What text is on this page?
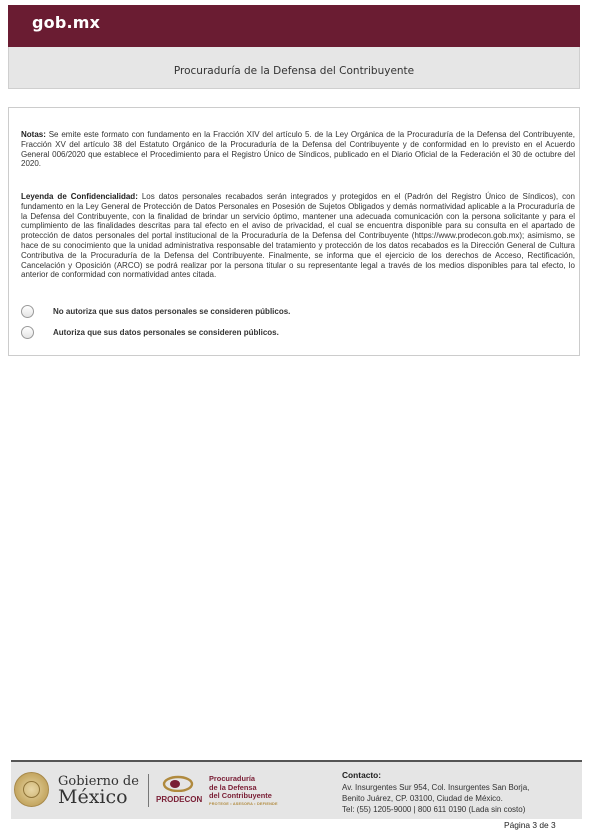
gob.mx
Procuraduría de la Defensa del Contribuyente
Notas: Se emite este formato con fundamento en la Fracción XIV del artículo 5. de la Ley Orgánica de la Procuraduría de la Defensa del Contribuyente, Fracción XV del artículo 38 del Estatuto Orgánico de la Procuraduría de la Defensa del Contribuyente y de conformidad en lo previsto en el Acuerdo General 006/2020 que establece el Procedimiento para el Registro Único de Síndicos, publicado en el Diario Oficial de la Federación el 30 de octubre del 2020.
Leyenda de Confidencialidad: Los datos personales recabados serán integrados y protegidos en el (Padrón del Registro Único de Síndicos), con fundamento en la Ley General de Protección de Datos Personales en Posesión de Sujetos Obligados y demás normatividad aplicable a la Procuraduría de la Defensa del Contribuyente, con la finalidad de brindar un servicio óptimo, mantener una adecuada comunicación con la persona solicitante y para el cumplimiento de las finalidades descritas para tal efecto en el aviso de privacidad, el cual se encuentra disponible para su consulta en el apartado de protección de datos personales del portal institucional de la Procuraduría de la Defensa del Contribuyente (https://www.prodecon.gob.mx); asimismo, se hace de su conocimiento que la unidad administrativa responsable del tratamiento y protección de los datos recabados es la Dirección General de Cultura Contributiva de la Procuraduría de la Defensa del Contribuyente. Finalmente, se informa que el ejercicio de los derechos de Acceso, Rectificación, Cancelación y Oposición (ARCO) se podrá realizar por la persona titular o su representante legal a través de los medios disponibles para tal efecto, lo anterior de conformidad con normatividad antes citada.
No autoriza que sus datos personales se consideren públicos.
Autoriza que sus datos personales se consideren públicos.
Gobierno de
México	PRODECON
Procuraduría
de la Defensa
del Contribuyente
PROTEGE • ASESORA • DEFIENDE
Contacto:
Av. Insurgentes Sur 954, Col. Insurgentes San Borja,
Benito Juárez, CP. 03100, Ciudad de México.
Tel: (55) 1205-9000 | 800 611 0190 (Lada sin costo)
Página 3 de 3
